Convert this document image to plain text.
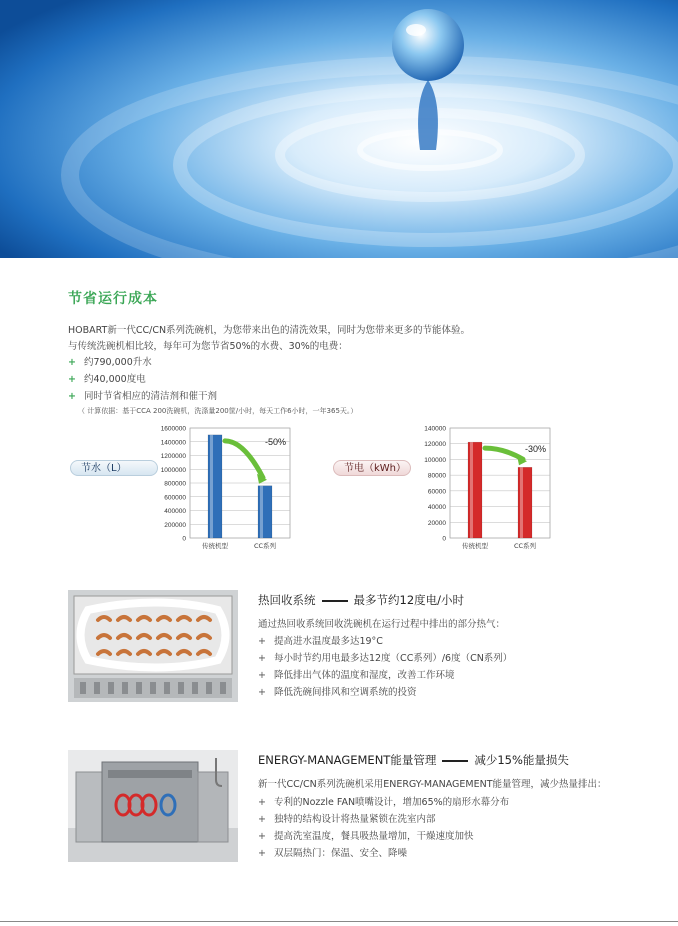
节省运行成本
HOBART新一代CC/CN系列洗碗机，为您带来出色的清洗效果，同时为您带来更多的节能体验。
与传统洗碗机相比较，每年可为您节省50%的水费、30%的电费：
+ 约790,000升水
+ 约40,000度电
+ 同时节省相应的清洁剂和催干剂
（ 计算依据：基于CCA 200洗碗机，洗涤量200筐/小时，每天工作6小时，一年365天。）
节水（L）	节电（kWh）
0
200000
400000
600000
800000
1000000
1200000
1400000
1600000
传统机型	CC系列
-50%
0
20000
40000
60000
80000
100000
120000
140000
传统机型	CC系列
-30%
热回收系统	最多节约12度电/小时
通过热回收系统回收洗碗机在运行过程中排出的部分热气：
+ 提高进水温度最多达19°C
+ 每小时节约用电最多达12度（CC系列）/6度（CN系列）
+ 降低排出气体的温度和湿度，改善工作环境
+ 降低洗碗间排风和空调系统的投资
ENERGY-MANAGEMENT能量管理	减少15%能量损失
新一代CC/CN系列洗碗机采用ENERGY-MANAGEMENT能量管理，减少热量排出：
+ 专利的Nozzle FAN喷嘴设计，增加65%的扇形水幕分布
+ 独特的结构设计将热量紧锁在洗室内部
+ 提高洗室温度，餐具吸热量增加，干燥速度加快
+ 双层隔热门：保温、安全、降噪
